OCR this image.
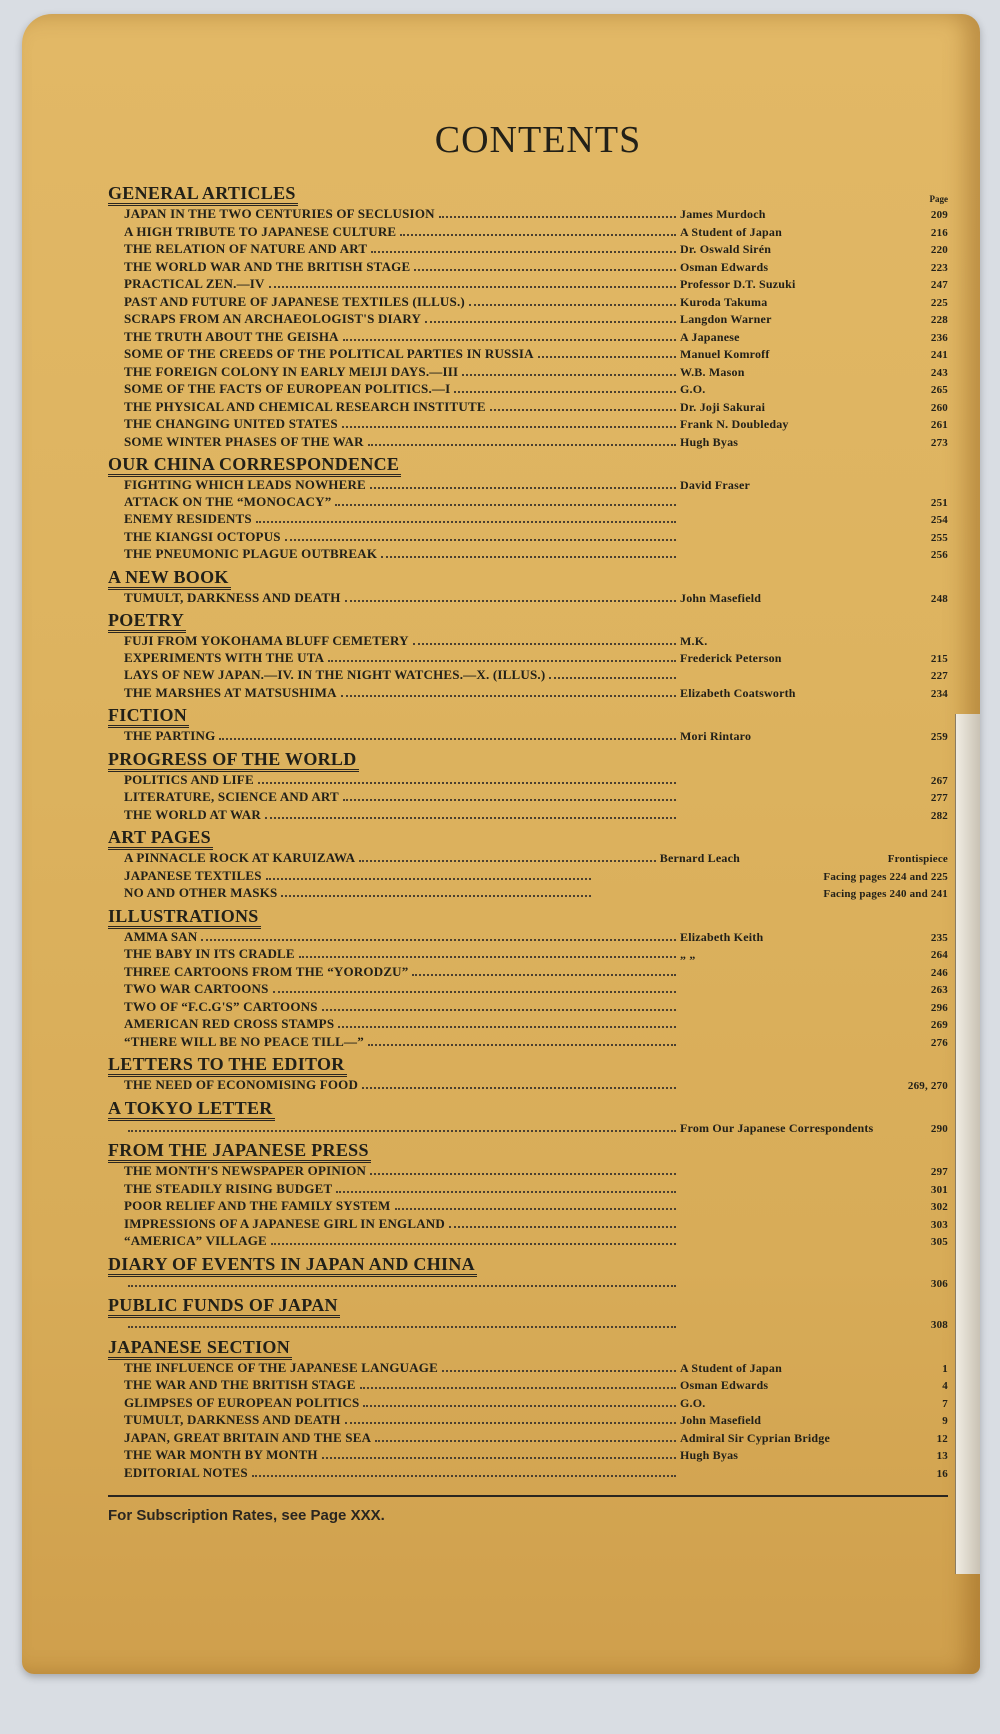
CONTENTS
Page
GENERAL ARTICLES
JAPAN IN THE TWO CENTURIES OF SECLUSION	James Murdoch	209
A HIGH TRIBUTE TO JAPANESE CULTURE	A Student of Japan	216
THE RELATION OF NATURE AND ART	Dr. Oswald Sirén	220
THE WORLD WAR AND THE BRITISH STAGE	Osman Edwards	223
PRACTICAL ZEN.—IV	Professor D.T. Suzuki	247
PAST AND FUTURE OF JAPANESE TEXTILES (ILLUS.)	Kuroda Takuma	225
SCRAPS FROM AN ARCHAEOLOGIST'S DIARY	Langdon Warner	228
THE TRUTH ABOUT THE GEISHA	A Japanese	236
SOME OF THE CREEDS OF THE POLITICAL PARTIES IN RUSSIA	Manuel Komroff	241
THE FOREIGN COLONY IN EARLY MEIJI DAYS.—III	W.B. Mason	243
SOME OF THE FACTS OF EUROPEAN POLITICS.—I	G.O.	265
THE PHYSICAL AND CHEMICAL RESEARCH INSTITUTE	Dr. Joji Sakurai	260
THE CHANGING UNITED STATES	Frank N. Doubleday	261
SOME WINTER PHASES OF THE WAR	Hugh Byas	273
OUR CHINA CORRESPONDENCE
FIGHTING WHICH LEADS NOWHERE	David Fraser
ATTACK ON THE “MONOCACY”	251
ENEMY RESIDENTS	254
THE KIANGSI OCTOPUS	255
THE PNEUMONIC PLAGUE OUTBREAK	256
A NEW BOOK
TUMULT, DARKNESS AND DEATH	John Masefield	248
POETRY
FUJI FROM YOKOHAMA BLUFF CEMETERY	M.K.
EXPERIMENTS WITH THE UTA	Frederick Peterson	215
LAYS OF NEW JAPAN.—IV. IN THE NIGHT WATCHES.—X. (ILLUS.)	227
THE MARSHES AT MATSUSHIMA	Elizabeth Coatsworth	234
FICTION
THE PARTING	Mori Rintaro	259
PROGRESS OF THE WORLD
POLITICS AND LIFE	267
LITERATURE, SCIENCE AND ART	277
THE WORLD AT WAR	282
ART PAGES
A PINNACLE ROCK AT KARUIZAWA	Bernard Leach	Frontispiece
JAPANESE TEXTILES	Facing pages 224 and 225
NO AND OTHER MASKS	Facing pages 240 and 241
ILLUSTRATIONS
AMMA SAN	Elizabeth Keith	235
THE BABY IN ITS CRADLE	„ „	264
THREE CARTOONS FROM THE “YORODZU”	246
TWO WAR CARTOONS	263
TWO OF “F.C.G'S” CARTOONS	296
AMERICAN RED CROSS STAMPS	269
“THERE WILL BE NO PEACE TILL—”	276
LETTERS TO THE EDITOR
THE NEED OF ECONOMISING FOOD	269, 270
A TOKYO LETTER
From Our Japanese Correspondents	290
FROM THE JAPANESE PRESS
THE MONTH'S NEWSPAPER OPINION	297
THE STEADILY RISING BUDGET	301
POOR RELIEF AND THE FAMILY SYSTEM	302
IMPRESSIONS OF A JAPANESE GIRL IN ENGLAND	303
“AMERICA” VILLAGE	305
DIARY OF EVENTS IN JAPAN AND CHINA
306
PUBLIC FUNDS OF JAPAN
308
JAPANESE SECTION
THE INFLUENCE OF THE JAPANESE LANGUAGE	A Student of Japan	1
THE WAR AND THE BRITISH STAGE	Osman Edwards	4
GLIMPSES OF EUROPEAN POLITICS	G.O.	7
TUMULT, DARKNESS AND DEATH	John Masefield	9
JAPAN, GREAT BRITAIN AND THE SEA	Admiral Sir Cyprian Bridge	12
THE WAR MONTH BY MONTH	Hugh Byas	13
EDITORIAL NOTES	16
For Subscription Rates, see Page XXX.
